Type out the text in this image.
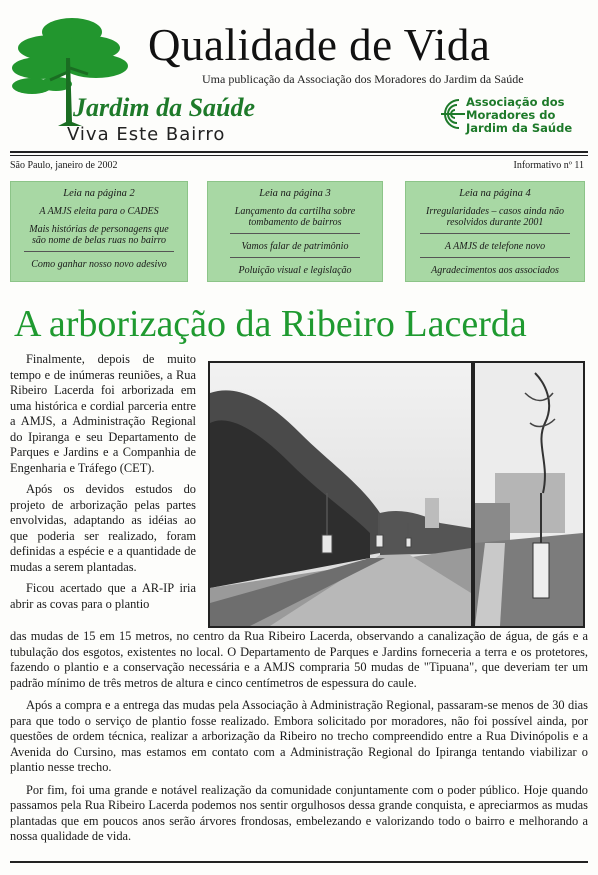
Qualidade de Vida
Uma publicação da Associação dos Moradores do Jardim da Saúde
Jardim da Saúde
Viva Este Bairro
Associação dos Moradores do Jardim da Saúde
São Paulo, janeiro de 2002	Informativo nº 11
Leia na página 2
A AMJS eleita para o CADES
Mais histórias de personagens que são nome de belas ruas no bairro
Como ganhar nosso novo adesivo
Leia na página 3
Lançamento da cartilha sobre tombamento de bairros
Vamos falar de patrimônio
Poluição visual e legislação
Leia na página 4
Irregularidades – casos ainda não resolvidos durante 2001
A AMJS de telefone novo
Agradecimentos aos associados
A arborização da Ribeiro Lacerda

Finalmente, depois de muito tempo e de inúmeras reuniões, a Rua Ribeiro Lacerda foi arborizada em uma histórica e cordial parceria entre a AMJS, a Administração Regional do Ipiranga e seu Departamento de Parques e Jardins e a Companhia de Engenharia e Tráfego (CET).

Após os devidos estudos do projeto de arborização pelas partes envolvidas, adaptando as idéias ao que poderia ser realizado, foram definidas a espécie e a quantidade de mudas a serem plantadas.

Ficou acertado que a AR-IP iria abrir as covas para o plantio

das mudas de 15 em 15 metros, no centro da Rua Ribeiro Lacerda, observando a canalização de água, de gás e a tubulação dos esgotos, existentes no local. O Departamento de Parques e Jardins forneceria a terra e os protetores, fazendo o plantio e a conservação necessária e a AMJS compraria 50 mudas de "Tipuana", que deveriam ter um padrão mínimo de três metros de altura e cinco centímetros de espessura do caule.

Após a compra e a entrega das mudas pela Associação à Administração Regional, passaram-se menos de 30 dias para que todo o serviço de plantio fosse realizado. Embora solicitado por moradores, não foi possível ainda, por questões de ordem técnica, realizar a arborização da Ribeiro no trecho compreendido entre a Rua Divinópolis e a Avenida do Cursino, mas estamos em contato com a Administração Regional do Ipiranga tentando viabilizar o plantio nesse trecho.

Por fim, foi uma grande e notável realização da comunidade conjuntamente com o poder público. Hoje quando passamos pela Rua Ribeiro Lacerda podemos nos sentir orgulhosos dessa grande conquista, e apreciarmos as mudas plantadas que em poucos anos serão árvores frondosas, embelezando e valorizando todo o bairro e melhorando a nossa qualidade de vida.
